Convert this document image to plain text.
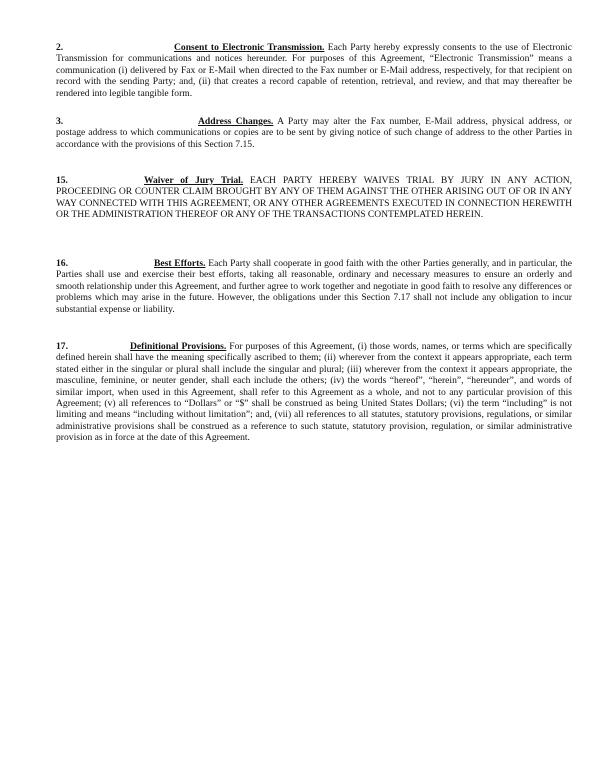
2.	Consent to Electronic Transmission. Each Party hereby expressly consents to the use of Electronic Transmission for communications and notices hereunder. For purposes of this Agreement, “Electronic Transmission” means a communication (i) delivered by Fax or E-Mail when directed to the Fax number or E-Mail address, respectively, for that recipient on record with the sending Party; and, (ii) that creates a record capable of retention, retrieval, and review, and that may thereafter be rendered into legible tangible form.

3.	Address Changes. A Party may alter the Fax number, E-Mail address, physical address, or postage address to which communications or copies are to be sent by giving notice of such change of address to the other Parties in accordance with the provisions of this Section 7.15.

15.	Waiver of Jury Trial. EACH PARTY HEREBY WAIVES TRIAL BY JURY IN ANY ACTION, PROCEEDING OR COUNTER CLAIM BROUGHT BY ANY OF THEM AGAINST THE OTHER ARISING OUT OF OR IN ANY WAY CONNECTED WITH THIS AGREEMENT, OR ANY OTHER AGREEMENTS EXECUTED IN CONNECTION HEREWITH OR THE ADMINISTRATION THEREOF OR ANY OF THE TRANSACTIONS CONTEMPLATED HEREIN.

16.	Best Efforts. Each Party shall cooperate in good faith with the other Parties generally, and in particular, the Parties shall use and exercise their best efforts, taking all reasonable, ordinary and necessary measures to ensure an orderly and smooth relationship under this Agreement, and further agree to work together and negotiate in good faith to resolve any differences or problems which may arise in the future. However, the obligations under this Section 7.17 shall not include any obligation to incur substantial expense or liability.

17.	Definitional Provisions. For purposes of this Agreement, (i) those words, names, or terms which are specifically defined herein shall have the meaning specifically ascribed to them; (ii) wherever from the context it appears appropriate, each term stated either in the singular or plural shall include the singular and plural; (iii) wherever from the context it appears appropriate, the masculine, feminine, or neuter gender, shall each include the others; (iv) the words “hereof”, “herein”, “hereunder”, and words of similar import, when used in this Agreement, shall refer to this Agreement as a whole, and not to any particular provision of this Agreement; (v) all references to “Dollars” or “$” shall be construed as being United States Dollars; (vi) the term “including” is not limiting and means “including without limitation”; and, (vii) all references to all statutes, statutory provisions, regulations, or similar administrative provisions shall be construed as a reference to such statute, statutory provision, regulation, or similar administrative provision as in force at the date of this Agreement.
